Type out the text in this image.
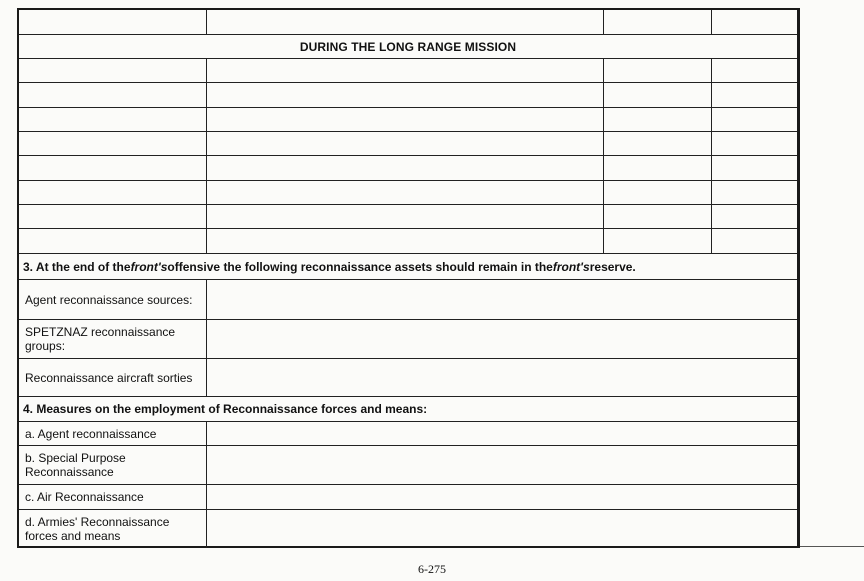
DURING THE LONG RANGE MISSION
3. At the end of the front's offensive the following reconnaissance assets should remain in the front's reserve.
Agent reconnaissance sources:
SPETZNAZ reconnaissance groups:
Reconnaissance aircraft sorties
4. Measures on the employment of Reconnaissance forces and means:
a. Agent reconnaissance
b. Special Purpose Reconnaissance
c. Air Reconnaissance
d. Armies' Reconnaissance forces and means
6-275
